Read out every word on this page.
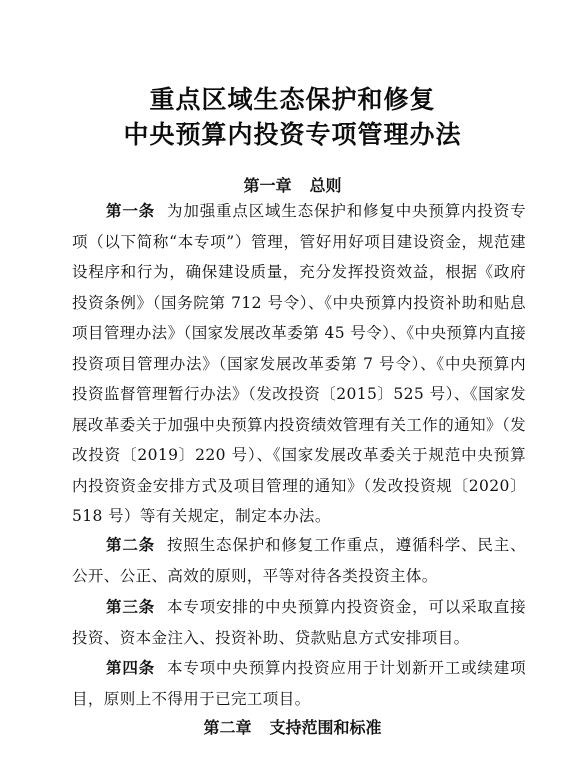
重点区域生态保护和修复
中央预算内投资专项管理办法
第一章 总则
第一条 为加强重点区域生态保护和修复中央预算内投资专项（以下简称“本专项”）管理，管好用好项目建设资金，规范建设程序和行为，确保建设质量，充分发挥投资效益，根据《政府投资条例》（国务院第 712 号令）、《中央预算内投资补助和贴息项目管理办法》（国家发展改革委第 45 号令）、《中央预算内直接投资项目管理办法》（国家发展改革委第 7 号令）、《中央预算内投资监督管理暂行办法》（发改投资〔2015〕525 号）、《国家发展改革委关于加强中央预算内投资绩效管理有关工作的通知》（发改投资〔2019〕220 号）、《国家发展改革委关于规范中央预算内投资资金安排方式及项目管理的通知》（发改投资规〔2020〕518 号）等有关规定，制定本办法。
第二条 按照生态保护和修复工作重点，遵循科学、民主、公开、公正、高效的原则，平等对待各类投资主体。
第三条 本专项安排的中央预算内投资资金，可以采取直接投资、资本金注入、投资补助、贷款贴息方式安排项目。
第四条 本专项中央预算内投资应用于计划新开工或续建项目，原则上不得用于已完工项目。
第二章 支持范围和标准
